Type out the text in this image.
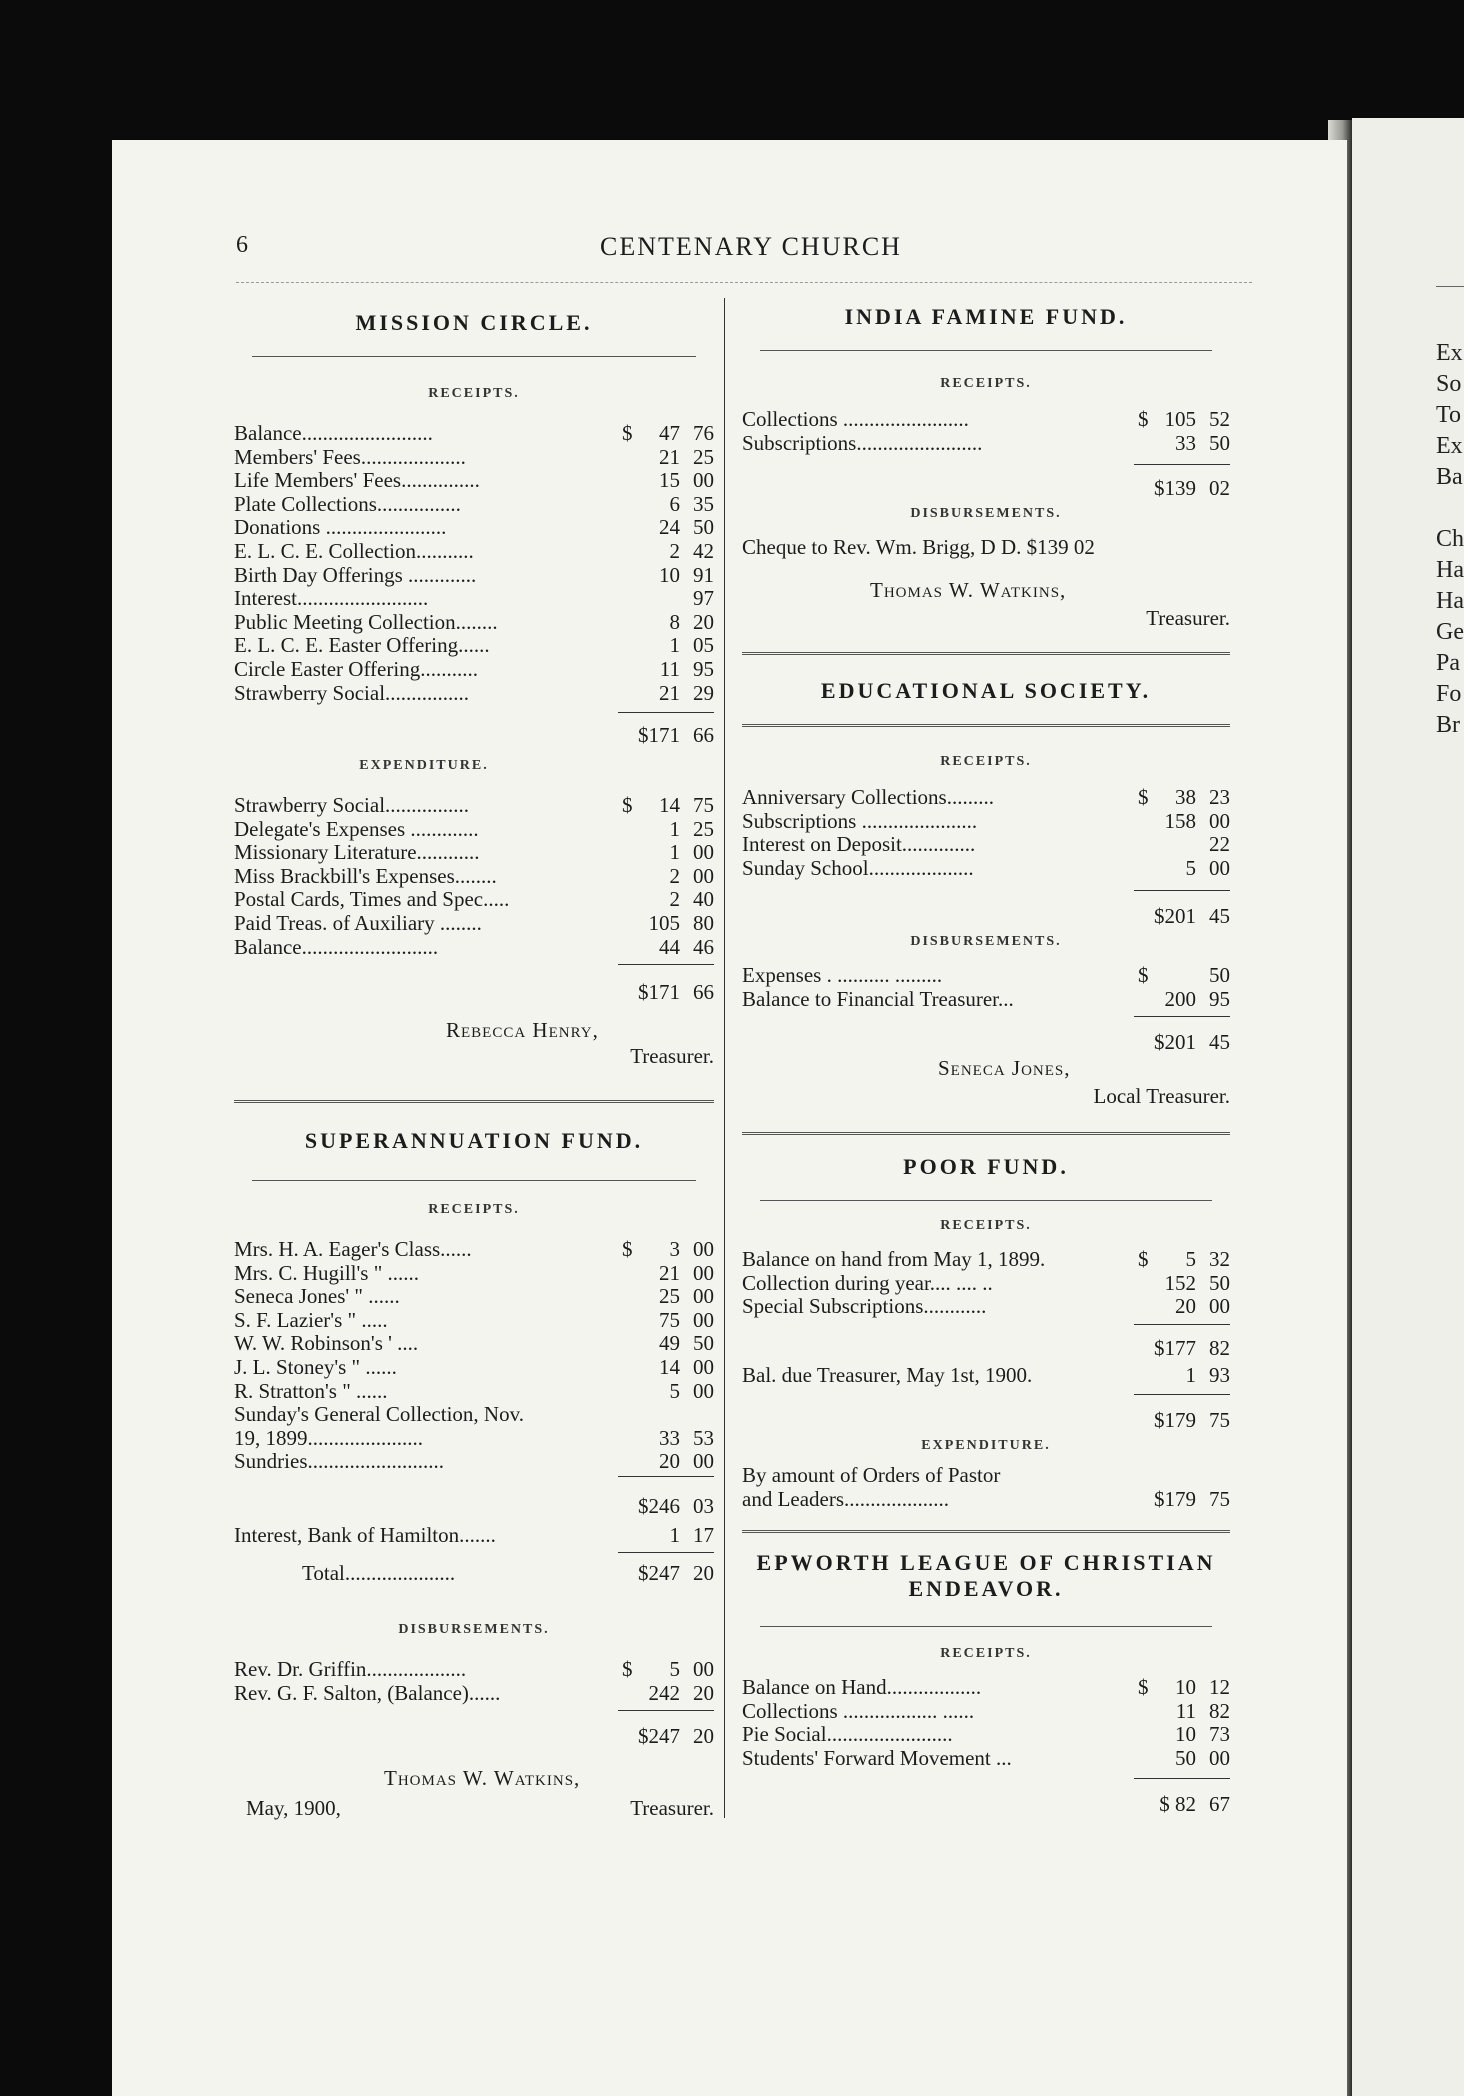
Ex
So
To
Ex
Ba
Ch
Ha
Ha
Ge
Pa
Fo
Br
6	CENTENARY CHURCH
MISSION CIRCLE.
RECEIPTS.
Balance.........................	$ 47 76
Members' Fees....................	21 25
Life Members' Fees...............	15 00
Plate Collections................	6 35
Donations .......................	24 50
E. L. C. E. Collection...........	2 42
Birth Day Offerings .............	10 91
Interest.........................	97
Public Meeting Collection........	8 20
E. L. C. E. Easter Offering......	1 05
Circle Easter Offering...........	11 95
Strawberry Social................	21 29
$171 66
EXPENDITURE.
Strawberry Social................	$ 14 75
Delegate's Expenses .............	1 25
Missionary Literature............	1 00
Miss Brackbill's Expenses........	2 00
Postal Cards, Times and Spec.....	2 40
Paid Treas. of Auxiliary ........	105 80
Balance..........................	44 46
$171 66
Rebecca Henry,
Treasurer.
SUPERANNUATION FUND.
RECEIPTS.
Mrs. H. A. Eager's Class......	$ 3 00
Mrs. C. Hugill's " ......	21 00
Seneca Jones' " ......	25 00
S. F. Lazier's " .....	75 00
W. W. Robinson's ' ....	49 50
J. L. Stoney's " ......	14 00
R. Stratton's " ......	5 00
Sunday's General Collection, Nov.
19, 1899......................	33 53
Sundries..........................	20 00
$246 03
Interest, Bank of Hamilton.......	1 17
Total.....................	$247 20
DISBURSEMENTS.
Rev. Dr. Griffin...................	$ 5 00
Rev. G. F. Salton, (Balance)......	242 20
$247 20
Thomas W. Watkins,
May, 1900,	Treasurer.
INDIA FAMINE FUND.
RECEIPTS.
Collections ........................	$ 105 52
Subscriptions........................	33 50
$139 02
DISBURSEMENTS.
Cheque to Rev. Wm. Brigg, D D. $139 02
Thomas W. Watkins,
Treasurer.
EDUCATIONAL SOCIETY.
RECEIPTS.
Anniversary Collections.........	$ 38 23
Subscriptions ......................	158 00
Interest on Deposit..............	22
Sunday School....................	5 00
$201 45
DISBURSEMENTS.
Expenses . .......... .........	$	50
Balance to Financial Treasurer...	200 95
$201 45
Seneca Jones,
Local Treasurer.
POOR FUND.
RECEIPTS.
Balance on hand from May 1, 1899.	$ 5 32
Collection during year.... .... ..	152 50
Special Subscriptions............	20 00
$177 82
Bal. due Treasurer, May 1st, 1900.	1 93
$179 75
EXPENDITURE.
By amount of Orders of Pastor
and Leaders....................	$179 75
EPWORTH LEAGUE OF CHRISTIAN
ENDEAVOR.
RECEIPTS.
Balance on Hand..................	$ 10 12
Collections .................. ......	11 82
Pie Social........................	10 73
Students' Forward Movement ...	50 00
$ 82 67
